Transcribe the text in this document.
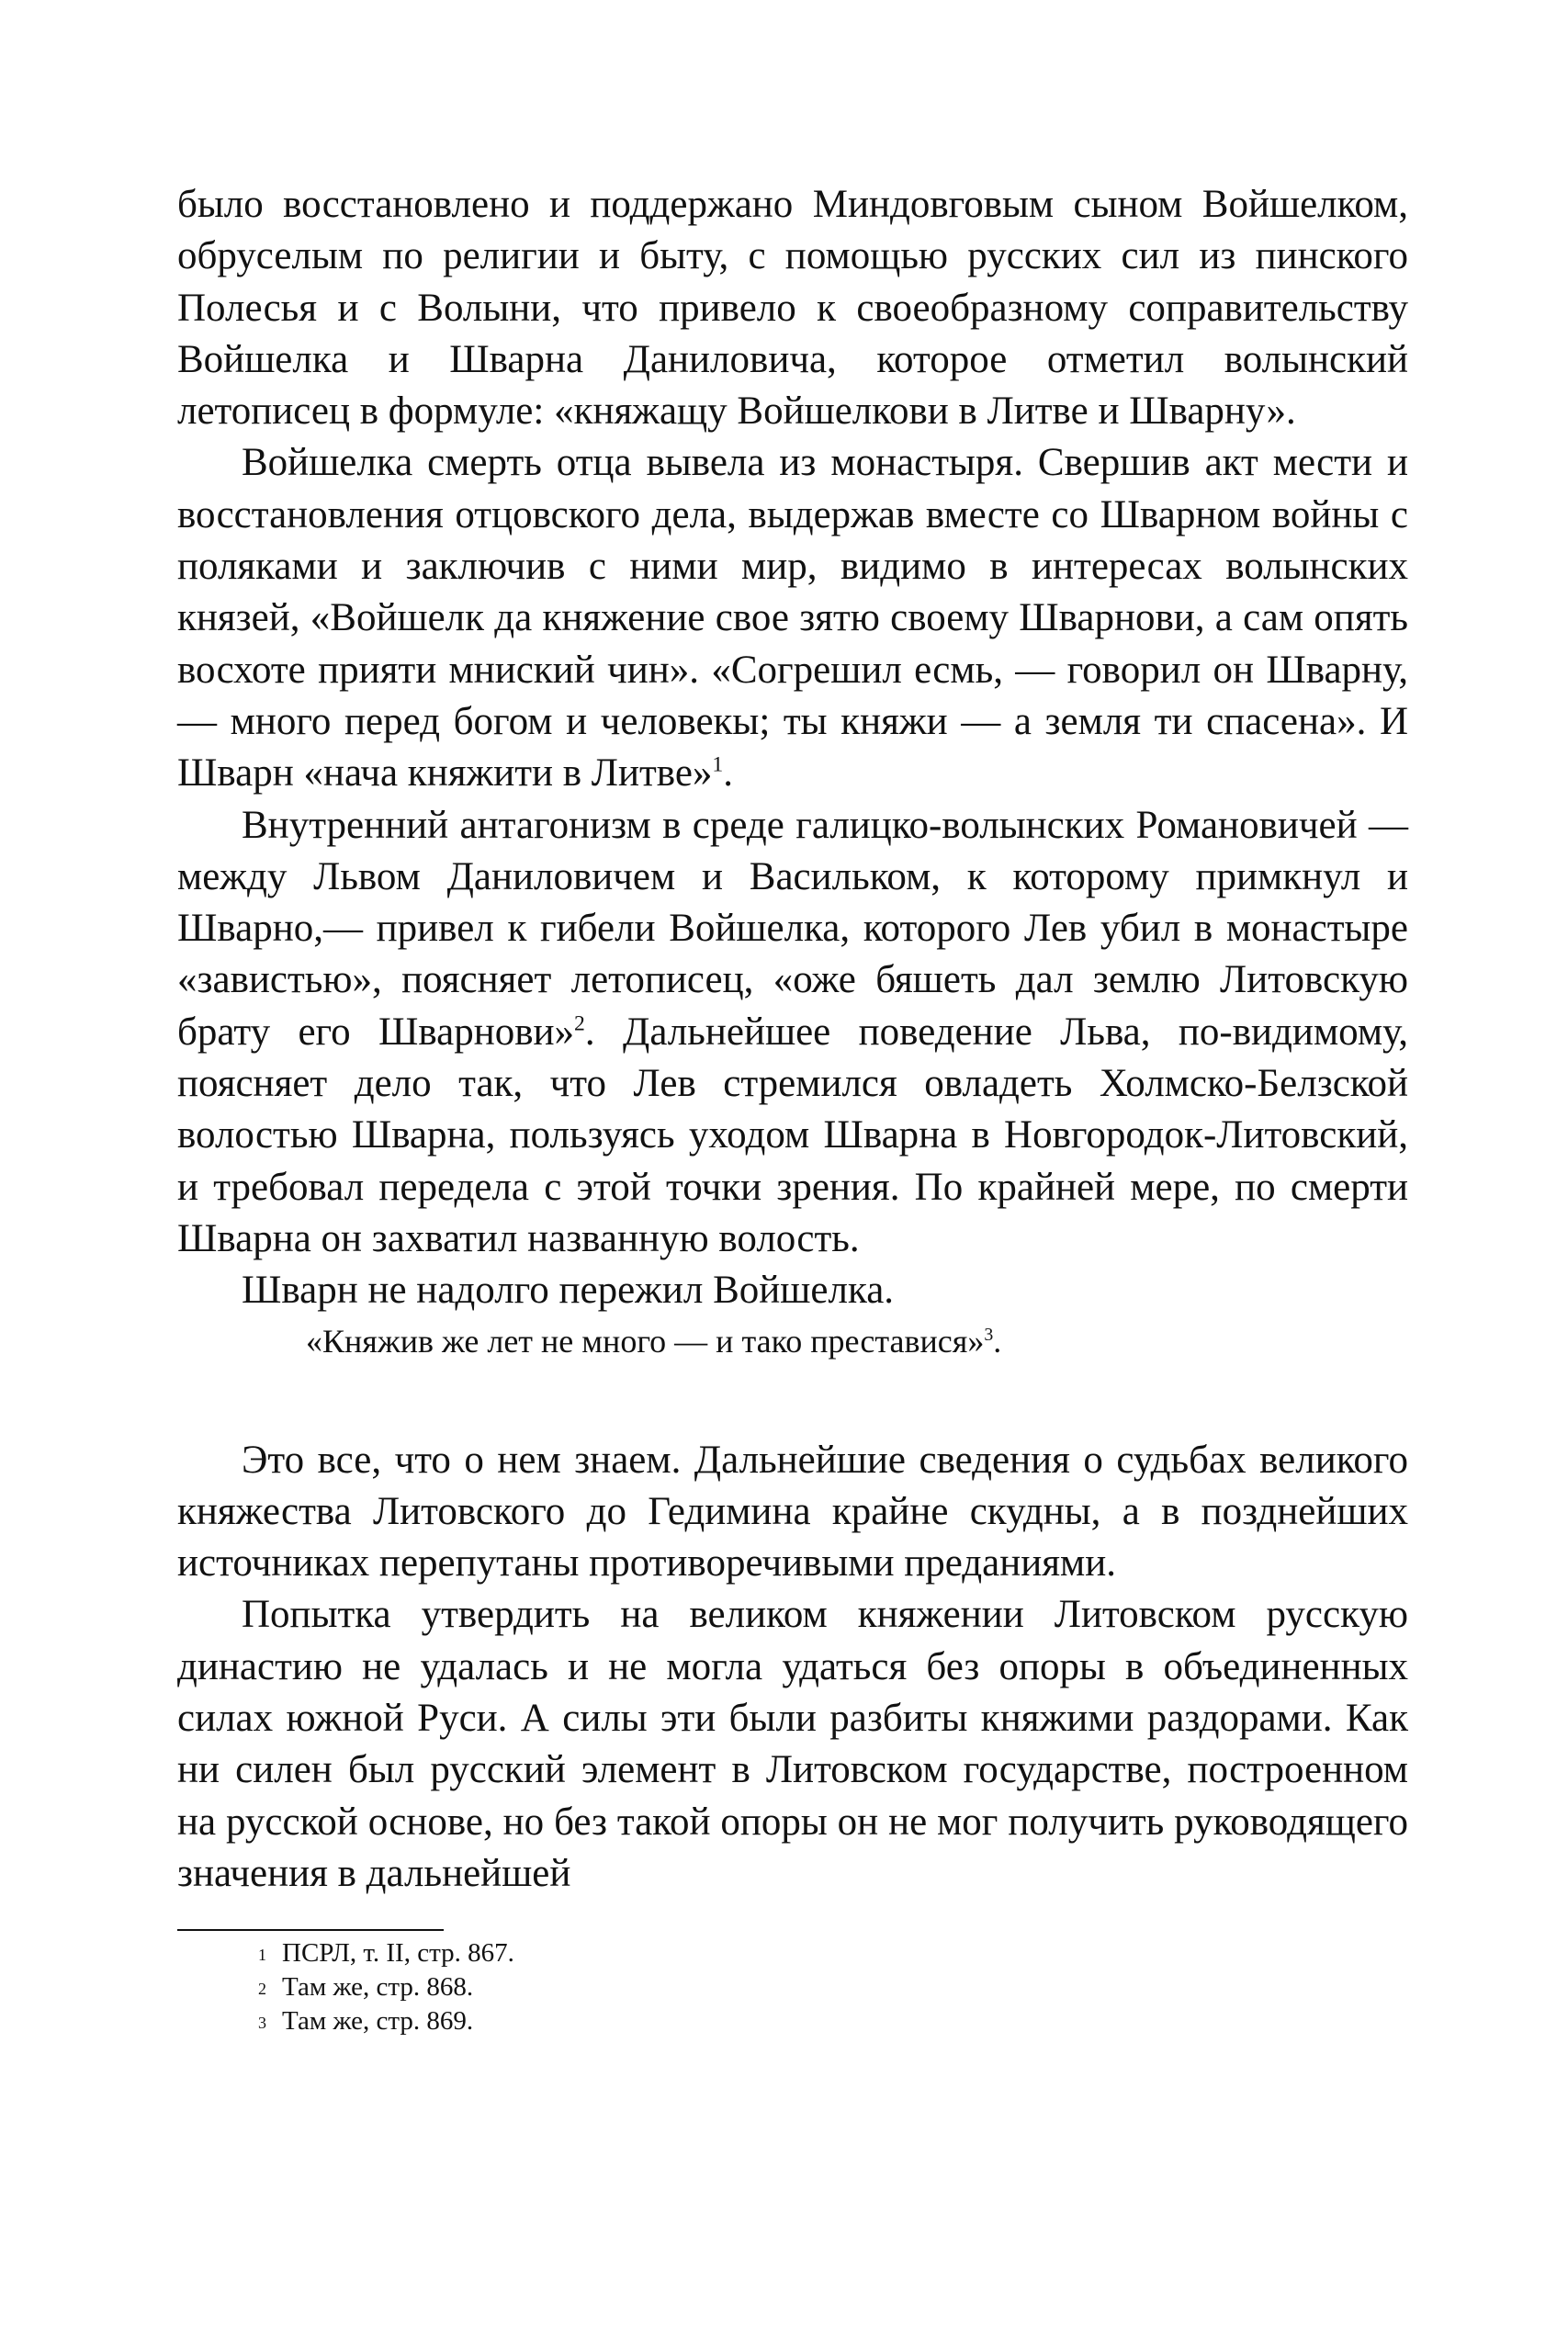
было восстановлено и поддержано Миндовговым сыном Войшелком, обруселым по религии и быту, с помощью русских сил из пинского Полесья и с Волыни, что привело к своеобразному соправительству Войшелка и Шварна Даниловича, которое отметил волынский летописец в формуле: «княжащу Войшелкови в Литве и Шварну».

Войшелка смерть отца вывела из монастыря. Свершив акт мести и восстановления отцовского дела, выдержав вместе со Шварном войны с поляками и заключив с ними мир, видимо в интересах волынских князей, «Войшелк да княжение свое зятю своему Шварнови, а сам опять восхоте прияти мниский чин». «Согрешил есмь, — говорил он Шварну, — много перед богом и человекы; ты княжи — а земля ти спасена». И Шварн «нача княжити в Литве»$^1$.

Внутренний антагонизм в среде галицко-волынских Романовичей — между Львом Даниловичем и Васильком, к которому примкнул и Шварно,— привел к гибели Войшелка, которого Лев убил в монастыре «завистью», поясняет летописец, «оже бяшеть дал землю Литовскую брату его Шварнови»$^2$. Дальнейшее поведение Льва, по-видимому, поясняет дело так, что Лев стремился овладеть Холмско-Белзской волостью Шварна, пользуясь уходом Шварна в Новгородок-Литовский, и требовал передела с этой точки зрения. По крайней мере, по смерти Шварна он захватил названную волость.

Шварн не надолго пережил Войшелка.

«Княжив же лет не много — и тако преставися»$^3$.

Это все, что о нем знаем. Дальнейшие сведения о судьбах великого княжества Литовского до Гедимина крайне скудны, а в позднейших источниках перепутаны противоречивыми преданиями.

Попытка утвердить на великом княжении Литовском русскую династию не удалась и не могла удаться без опоры в объединенных силах южной Руси. А силы эти были разбиты княжими раздорами. Как ни силен был русский элемент в Литовском государстве, построенном на русской основе, но без такой опоры он не мог получить руководящего значения в дальнейшей

1 ПСРЛ, т. II, стр. 867.

2 Там же, стр. 868.

3 Там же, стр. 869.
